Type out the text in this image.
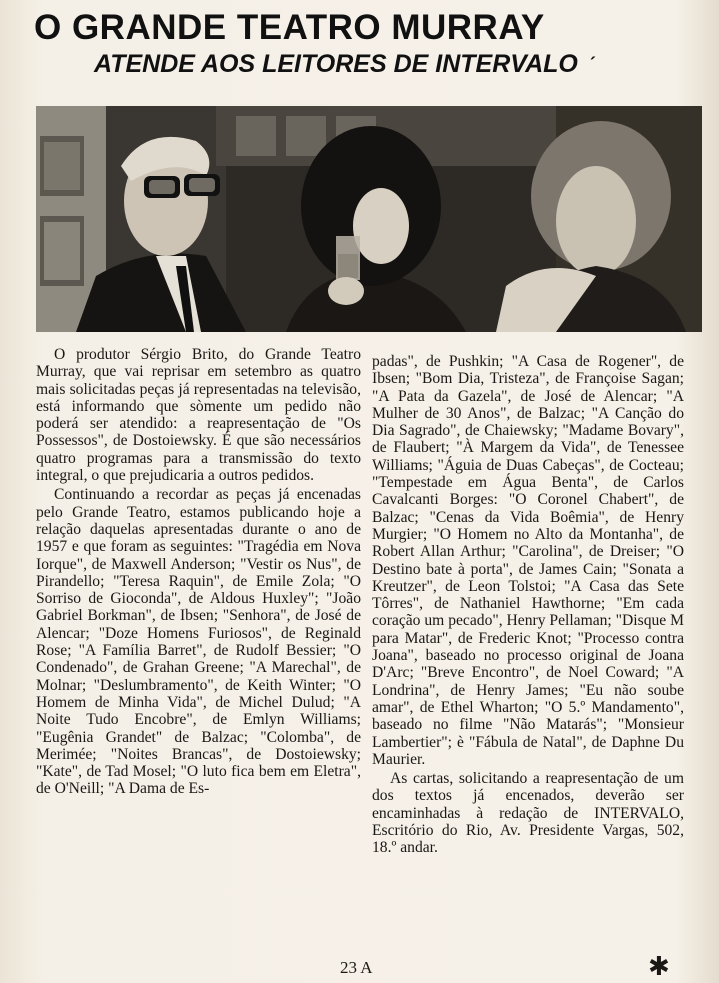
O GRANDE TEATRO MURRAY
ATENDE AOS LEITORES DE INTERVALO ´

O produtor Sérgio Brito, do Grande Teatro Murray, que vai reprisar em setembro as quatro mais solicitadas peças já representadas na televisão, está informando que sòmente um pedido não poderá ser atendido: a reapresentação de "Os Possessos", de Dostoiewsky. É que são necessários quatro programas para a transmissão do texto integral, o que prejudicaria a outros pedidos.

Continuando a recordar as peças já encenadas pelo Grande Teatro, estamos publicando hoje a relação daquelas apresentadas durante o ano de 1957 e que foram as seguintes: "Tragédia em Nova Iorque", de Maxwell Anderson; "Vestir os Nus", de Pirandello; "Teresa Raquin", de Emile Zola; "O Sorriso de Gioconda", de Aldous Huxley"; "João Gabriel Borkman", de Ibsen; "Senhora", de José de Alencar; "Doze Homens Furiosos", de Reginald Rose; "A Família Barret", de Rudolf Bessier; "O Condenado", de Grahan Greene; "A Marechal", de Molnar; "Deslumbramento", de Keith Winter; "O Homem de Minha Vida", de Michel Dulud; "A Noite Tudo Encobre", de Emlyn Williams; "Eugênia Grandet" de Balzac; "Colomba", de Merimée; "Noites Brancas", de Dostoiewsky; "Kate", de Tad Mosel; "O luto fica bem em Eletra", de O'Neill; "A Dama de Es-

padas", de Pushkin; "A Casa de Rogener", de Ibsen; "Bom Dia, Tristeza", de Françoise Sagan; "A Pata da Gazela", de José de Alencar; "A Mulher de 30 Anos", de Balzac; "A Canção do Dia Sagrado", de Chaiewsky; "Madame Bovary", de Flaubert; "À Margem da Vida", de Tenessee Williams; "Águia de Duas Cabeças", de Cocteau; "Tempestade em Água Benta", de Carlos Cavalcanti Borges: "O Coronel Chabert", de Balzac; "Cenas da Vida Boêmia", de Henry Murgier; "O Homem no Alto da Montanha", de Robert Allan Arthur; "Carolina", de Dreiser; "O Destino bate à porta", de James Cain; "Sonata a Kreutzer", de Leon Tolstoi; "A Casa das Sete Tôrres", de Nathaniel Hawthorne; "Em cada coração um pecado", Henry Pellaman; "Disque M para Matar", de Frederic Knot; "Processo contra Joana", baseado no processo original de Joana D'Arc; "Breve Encontro", de Noel Coward; "A Londrina", de Henry James; "Eu não soube amar", de Ethel Wharton; "O 5.º Mandamento", baseado no filme "Não Matarás"; "Monsieur Lambertier"; è "Fábula de Natal", de Daphne Du Maurier.

As cartas, solicitando a reapresentação de um dos textos já encenados, deverão ser encaminhadas à redação de INTERVALO, Escritório do Rio, Av. Presidente Vargas, 502, 18.º andar.

23 A	✱
